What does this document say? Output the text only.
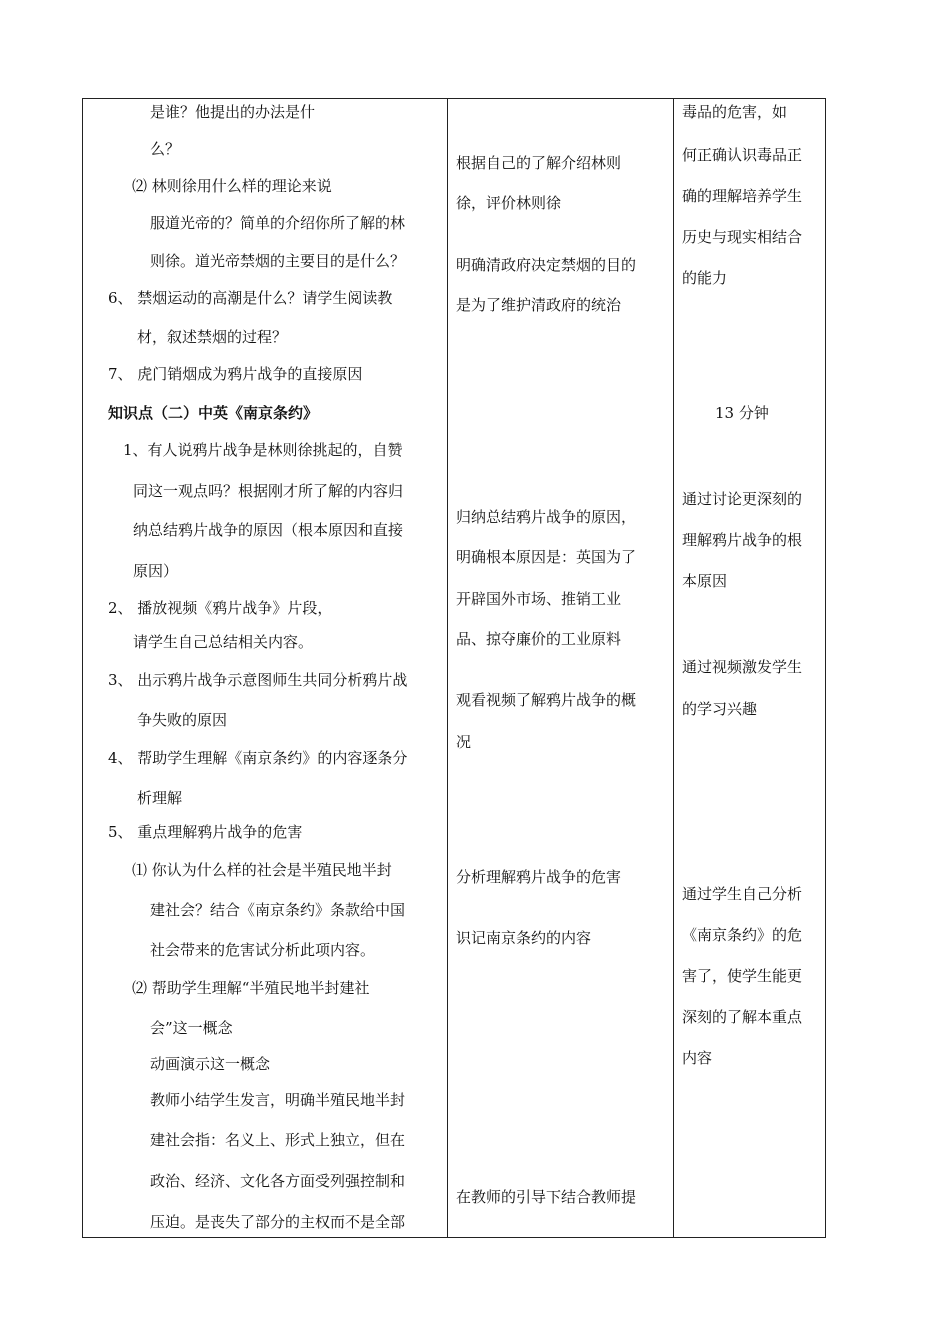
是谁？他提出的办法是什
么？
⑵ 林则徐用什么样的理论来说
服道光帝的？简单的介绍你所了解的林
则徐。道光帝禁烟的主要目的是什么？
6、 禁烟运动的高潮是什么？请学生阅读教
材，叙述禁烟的过程？
7、 虎门销烟成为鸦片战争的直接原因
知识点（二）中英《南京条约》
1、有人说鸦片战争是林则徐挑起的，自赞
同这一观点吗？根据刚才所了解的内容归
纳总结鸦片战争的原因（根本原因和直接
原因）
2、 播放视频《鸦片战争》片段，
请学生自己总结相关内容。
3、 出示鸦片战争示意图师生共同分析鸦片战
争失败的原因
4、 帮助学生理解《南京条约》的内容逐条分
析理解
5、 重点理解鸦片战争的危害
⑴ 你认为什么样的社会是半殖民地半封
建社会？结合《南京条约》条款给中国
社会带来的危害试分析此项内容。
⑵ 帮助学生理解“半殖民地半封建社
会”这一概念
动画演示这一概念
教师小结学生发言，明确半殖民地半封
建社会指：名义上、形式上独立，但在
政治、经济、文化各方面受列强控制和
压迫。是丧失了部分的主权而不是全部
根据自己的了解介绍林则
徐，评价林则徐
明确清政府决定禁烟的目的
是为了维护清政府的统治
归纳总结鸦片战争的原因，
明确根本原因是：英国为了
开辟国外市场、推销工业
品、掠夺廉价的工业原料
观看视频了解鸦片战争的概
况
分析理解鸦片战争的危害
识记南京条约的内容
在教师的引导下结合教师提
毒品的危害，如
何正确认识毒品正
确的理解培养学生
历史与现实相结合
的能力
13 分钟
通过讨论更深刻的
理解鸦片战争的根
本原因
通过视频激发学生
的学习兴趣
通过学生自己分析
《南京条约》的危
害了，使学生能更
深刻的了解本重点
内容
